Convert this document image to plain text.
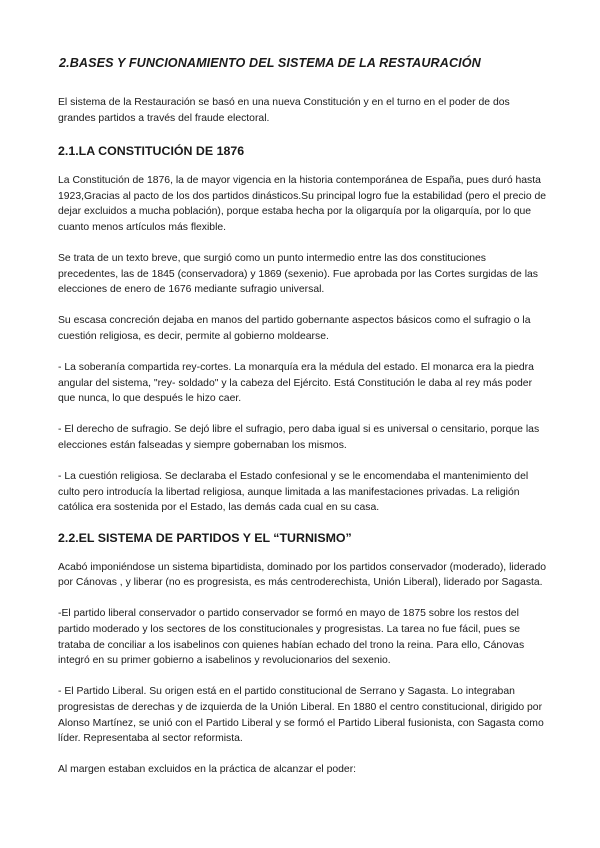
2.BASES Y FUNCIONAMIENTO DEL SISTEMA DE LA RESTAURACIÓN

El sistema de la Restauración se basó en una nueva Constitución y en el turno en el poder de dos grandes partidos a través del fraude electoral.

2.1.LA CONSTITUCIÓN DE 1876

La Constitución de 1876, la de mayor vigencia en la historia contemporánea de España, pues duró hasta 1923,Gracias al pacto de los dos partidos dinásticos.Su principal logro fue la estabilidad (pero el precio de dejar excluidos a mucha población), porque estaba hecha por la oligarquía por la oligarquía, por lo que cuanto menos artículos más flexible.

Se trata de un texto breve, que surgió como un punto intermedio entre las dos constituciones precedentes, las de 1845 (conservadora) y 1869 (sexenio). Fue aprobada por las Cortes surgidas de las elecciones de enero de 1676 mediante sufragio universal.

Su escasa concreción dejaba en manos del partido gobernante aspectos básicos como el sufragio o la cuestión religiosa, es decir, permite al gobierno moldearse.

- La soberanía compartida rey-cortes. La monarquía era la médula del estado. El monarca era la piedra angular del sistema, "rey- soldado" y la cabeza del Ejército. Está Constitución le daba al rey más poder que nunca, lo que después le hizo caer.

- El derecho de sufragio. Se dejó libre el sufragio, pero daba igual si es universal o censitario, porque las elecciones están falseadas y siempre gobernaban los mismos.

- La cuestión religiosa. Se declaraba el Estado confesional y se le encomendaba el mantenimiento del culto pero introducía la libertad religiosa, aunque limitada a las manifestaciones privadas. La religión católica era sostenida por el Estado, las demás cada cual en su casa.

2.2.EL SISTEMA DE PARTIDOS Y EL “TURNISMO”

Acabó imponiéndose un sistema bipartidista, dominado por los partidos conservador (moderado), liderado por Cánovas , y liberar (no es progresista, es más centroderechista, Unión Liberal), liderado por Sagasta.

-El partido liberal conservador o partido conservador se formó en mayo de 1875 sobre los restos del partido moderado y los sectores de los constitucionales y progresistas. La tarea no fue fácil, pues se trataba de conciliar a los isabelinos con quienes habían echado del trono la reina. Para ello, Cánovas integró en su primer gobierno a isabelinos y revolucionarios del sexenio.

- El Partido Liberal. Su origen está en el partido constitucional de Serrano y Sagasta. Lo integraban progresistas de derechas y de izquierda de la Unión Liberal. En 1880 el centro constitucional, dirigido por Alonso Martínez, se unió con el Partido Liberal y se formó el Partido Liberal fusionista, con Sagasta como líder. Representaba al sector reformista.

Al margen estaban excluidos en la práctica de alcanzar el poder:
